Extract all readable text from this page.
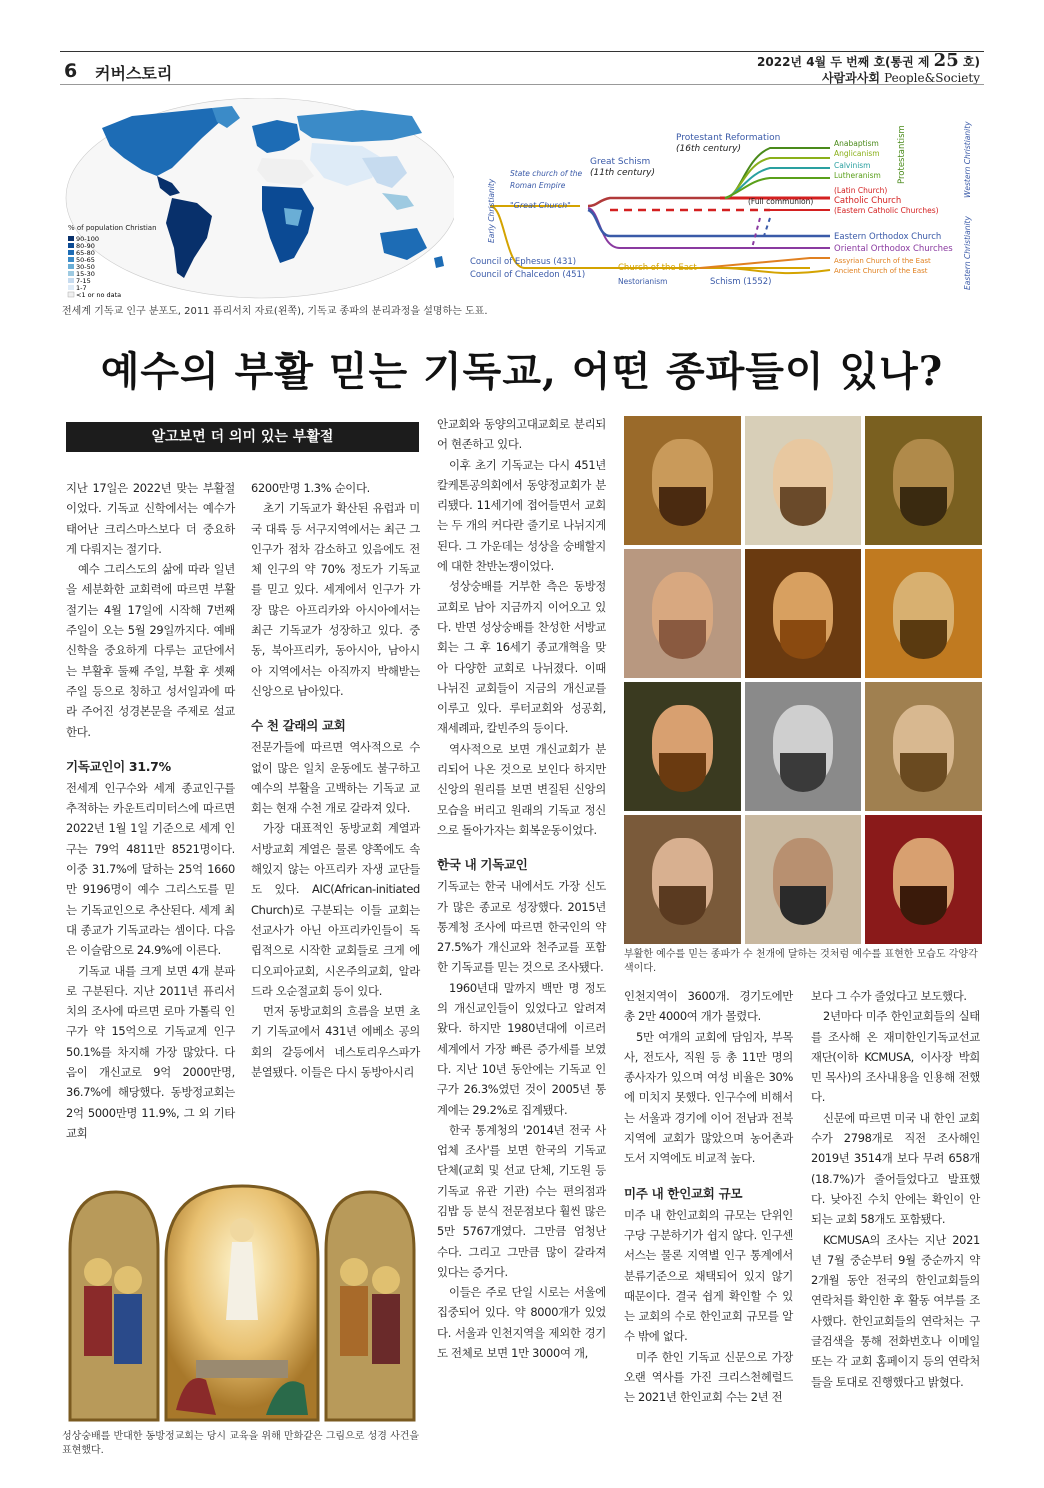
6 커버스토리
2022년 4월 두 번째 호(통권 제 25 호)
사람과사회 People&Society
% of population Christian
90-100
80-90
65-80
50-65
30-50
15-30
7-15
1-7
<1 or no data
Protestant Reformation
(16th century)
Great Schism
(11th century)
State church of the
Roman Empire
"Great Church"
Early Christianity	(Full communion)
Council of Ephesus (431)
Council of Chalcedon (451)
Church of the East
Nestorianism	Schism (1552)
Anabaptism
Anglicanism
Calvinism
Lutheranism
(Latin Church)
Catholic Church
(Eastern Catholic Churches)
Eastern Orthodox Church
Oriental Orthodox Churches
Assyrian Church of the East
Ancient Church of the East
Protestantism	Western Christianity
Eastern Christianity
전세계 기독교 인구 분포도, 2011 퓨리서치 자료(왼쪽), 기독교 종파의 분리과정을 설명하는 도표.
예수의 부활 믿는 기독교, 어떤 종파들이 있나?
알고보면 더 의미 있는 부활절

지난 17일은 2022년 맞는 부활절이었다. 기독교 신학에서는 예수가 태어난 크리스마스보다 더 중요하게 다뤄지는 절기다.

예수 그리스도의 삶에 따라 일년을 세분화한 교회력에 따르면 부활절기는 4월 17일에 시작해 7번째 주일이 오는 5월 29일까지다. 예배 신학을 중요하게 다루는 교단에서는 부활후 둘째 주일, 부활 후 셋째 주일 등으로 칭하고 성서일과에 따라 주어진 성경본문을 주제로 설교한다.

기독교인이 31.7%

전세계 인구수와 세계 종교인구를 추적하는 카운트리미터스에 따르면 2022년 1월 1일 기준으로 세계 인구는 79억 4811만 8521명이다. 이중 31.7%에 달하는 25억 1660만 9196명이 예수 그리스도를 믿는 기독교인으로 추산된다. 세계 최대 종교가 기독교라는 셈이다. 다음은 이슬람으로 24.9%에 이른다.

기독교 내를 크게 보면 4개 분파로 구분된다. 지난 2011년 퓨리서치의 조사에 따르면 로마 가톨릭 인구가 약 15억으로 기독교계 인구 50.1%를 차지해 가장 많았다. 다음이 개신교로 9억 2000만명, 36.7%에 해당했다. 동방정교회는 2억 5000만명 11.9%, 그 외 기타 교회

6200만명 1.3% 순이다.

초기 기독교가 확산된 유럽과 미국 대륙 등 서구지역에서는 최근 그 인구가 점차 감소하고 있음에도 전체 인구의 약 70% 정도가 기독교를 믿고 있다. 세계에서 인구가 가장 많은 아프리카와 아시아에서는 최근 기독교가 성장하고 있다. 중동, 북아프리카, 동아시아, 남아시아 지역에서는 아직까지 박해받는 신앙으로 남아있다.

수 천 갈래의 교회

전문가들에 따르면 역사적으로 수 없이 많은 일치 운동에도 불구하고 예수의 부활을 고백하는 기독교 교회는 현재 수천 개로 갈라져 있다.

가장 대표적인 동방교회 계열과 서방교회 계열은 물론 양쪽에도 속해있지 않는 아프리카 자생 교단들도 있다. AIC(African-initiated Church)로 구분되는 이들 교회는 선교사가 아닌 아프리카인들이 독립적으로 시작한 교회들로 크게 에디오피아교회, 시온주의교회, 알라드라 오순절교회 등이 있다.

먼저 동방교회의 흐름을 보면 초기 기독교에서 431년 에베소 공의회의 갈등에서 네스토리우스파가 분열됐다. 이들은 다시 동방아시리

안교회와 동양의고대교회로 분리되어 현존하고 있다.

이후 초기 기독교는 다시 451년 칼케톤공의회에서 동양정교회가 분리됐다. 11세기에 접어들면서 교회는 두 개의 커다란 줄기로 나뉘지게 된다. 그 가운데는 성상을 숭배할지에 대한 찬반논쟁이었다.

성상숭배를 거부한 측은 동방정교회로 남아 지금까지 이어오고 있다. 반면 성상숭배를 찬성한 서방교회는 그 후 16세기 종교개혁을 맞아 다양한 교회로 나뉘졌다. 이때 나뉘진 교회들이 지금의 개신교를 이루고 있다. 루터교회와 성공회, 재세례파, 칼빈주의 등이다.

역사적으로 보면 개신교회가 분리되어 나온 것으로 보인다 하지만 신앙의 원리를 보면 변질된 신앙의 모습을 버리고 원래의 기독교 정신으로 돌아가자는 회복운동이었다.

한국 내 기독교인

기독교는 한국 내에서도 가장 신도가 많은 종교로 성장했다. 2015년 통계청 조사에 따르면 한국인의 약 27.5%가 개신교와 천주교를 포함한 기독교를 믿는 것으로 조사됐다.

1960년대 말까지 백만 명 정도의 개신교인들이 있었다고 알려져 왔다. 하지만 1980년대에 이르러 세계에서 가장 빠른 증가세를 보였다. 지난 10년 동안에는 기독교 인구가 26.3%였던 것이 2005년 통계에는 29.2%로 집계됐다.

한국 통계청의 '2014년 전국 사업체 조사'를 보면 한국의 기독교 단체(교회 및 선교 단체, 기도원 등 기독교 유관 기관) 수는 편의점과 김밥 등 분식 전문점보다 훨씬 많은 5만 5767개였다. 그만큼 엄청난 수다. 그리고 그만큼 많이 갈라져 있다는 증거다.

이들은 주로 단일 시로는 서울에 집중되어 있다. 약 8000개가 있었다. 서울과 인천지역을 제외한 경기도 전체로 보면 1만 3000여 개,

부활한 예수를 믿는 종파가 수 천개에 달하는 것처럼 예수를 표현한 모습도 각양각색이다.

인천지역이 3600개. 경기도에만 총 2만 4000여 개가 몰렸다.

5만 여개의 교회에 담임자, 부목사, 전도사, 직원 등 총 11만 명의 종사자가 있으며 여성 비율은 30%에 미치지 못했다. 인구수에 비해서는 서울과 경기에 이어 전남과 전북 지역에 교회가 많았으며 농어촌과 도서 지역에도 비교적 높다.

미주 내 한인교회 규모

미주 내 한인교회의 규모는 단위인구당 구분하기가 쉽지 않다. 인구센서스는 물론 지역별 인구 통계에서 분류기준으로 채택되어 있지 않기 때문이다. 결국 쉽게 확인할 수 있는 교회의 수로 한인교회 규모를 알 수 밖에 없다.

미주 한인 기독교 신문으로 가장 오랜 역사를 가진 크리스천헤럴드는 2021년 한인교회 수는 2년 전

보다 그 수가 줄었다고 보도했다.

2년마다 미주 한인교회들의 실태를 조사해 온 재미한인기독교선교재단(이하 KCMUSA, 이사장 박희민 목사)의 조사내용을 인용해 전했다.

신문에 따르면 미국 내 한인 교회수가 2798개로 직전 조사해인 2019년 3514개 보다 무려 658개(18.7%)가 줄어들었다고 발표했다. 낮아진 수치 안에는 확인이 안 되는 교회 58개도 포함됐다.

KCMUSA의 조사는 지난 2021년 7월 중순부터 9월 중순까지 약 2개월 동안 전국의 한인교회들의 연락처를 확인한 후 활동 여부를 조사했다. 한인교회들의 연락처는 구글검색을 통해 전화번호나 이메일 또는 각 교회 홈페이지 등의 연락처들을 토대로 진행했다고 밝혔다.

성상숭배를 반대한 동방정교회는 당시 교육을 위해 만화같은 그림으로 성경 사건을 표현했다.
